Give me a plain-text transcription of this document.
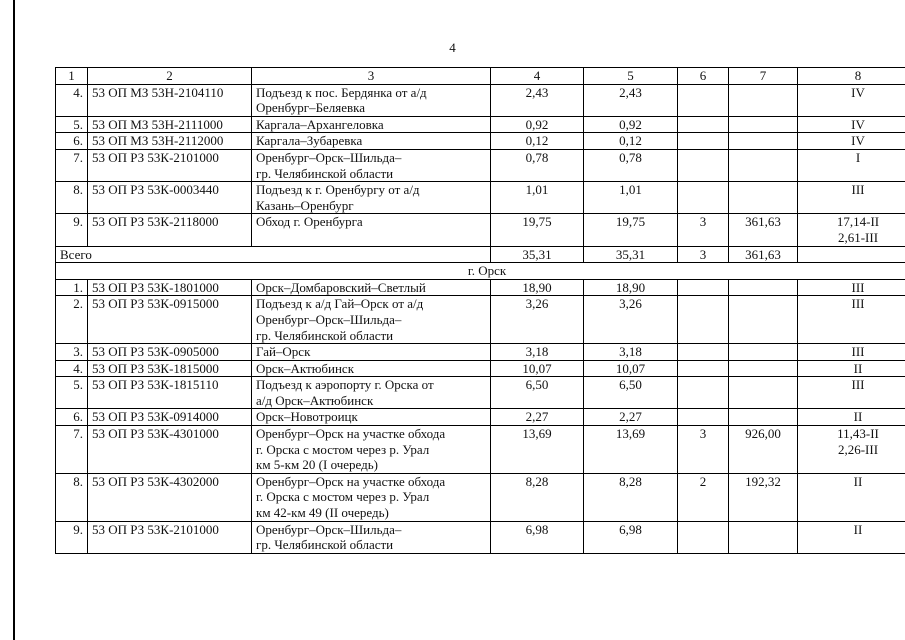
4
1	2	3	4	5	6	7	8
4.	53 ОП МЗ 53Н-2104110	Подъезд к пос. Бердянка от а/д
Оренбург–Беляевка	2,43	2,43			IV

5.	53 ОП МЗ 53Н-2111000	Каргала–Архангеловка	0,92	0,92			IV

6.	53 ОП МЗ 53Н-2112000	Каргала–Зубаревка	0,12	0,12			IV

7.	53 ОП РЗ 53К-2101000	Оренбург–Орск–Шильда–
гр. Челябинской области	0,78	0,78			I

8.	53 ОП РЗ 53К-0003440	Подъезд к г. Оренбургу от а/д
Казань–Оренбург	1,01	1,01			III

9.	53 ОП РЗ 53К-2118000	Обход г. Оренбурга	19,75	19,75	3	361,63	17,14-II
2,61-III

Всего			35,31	35,31	3	361,63	

г. Орск							
1.	53 ОП РЗ 53К-1801000	Орск–Домбаровский–Светлый	18,90	18,90			III

2.	53 ОП РЗ 53К-0915000	Подъезд к а/д Гай–Орск от а/д
Оренбург–Орск–Шильда–
гр. Челябинской области	3,26	3,26			III

3.	53 ОП РЗ 53К-0905000	Гай–Орск	3,18	3,18			III

4.	53 ОП РЗ 53К-1815000	Орск–Актюбинск	10,07	10,07			II

5.	53 ОП РЗ 53К-1815110	Подъезд к аэропорту г. Орска от
а/д Орск–Актюбинск	6,50	6,50			III

6.	53 ОП РЗ 53К-0914000	Орск–Новотроицк	2,27	2,27			II

7.	53 ОП РЗ 53К-4301000	Оренбург–Орск на участке обхода
г. Орска с мостом через р. Урал
км 5-км 20 (I очередь)	13,69	13,69	3	926,00	11,43-II
2,26-III

8.	53 ОП РЗ 53К-4302000	Оренбург–Орск на участке обхода
г. Орска с мостом через р. Урал
км 42-км 49 (II очередь)	8,28	8,28	2	192,32	II

9.	53 ОП РЗ 53К-2101000	Оренбург–Орск–Шильда–
гр. Челябинской области	6,98	6,98			II
